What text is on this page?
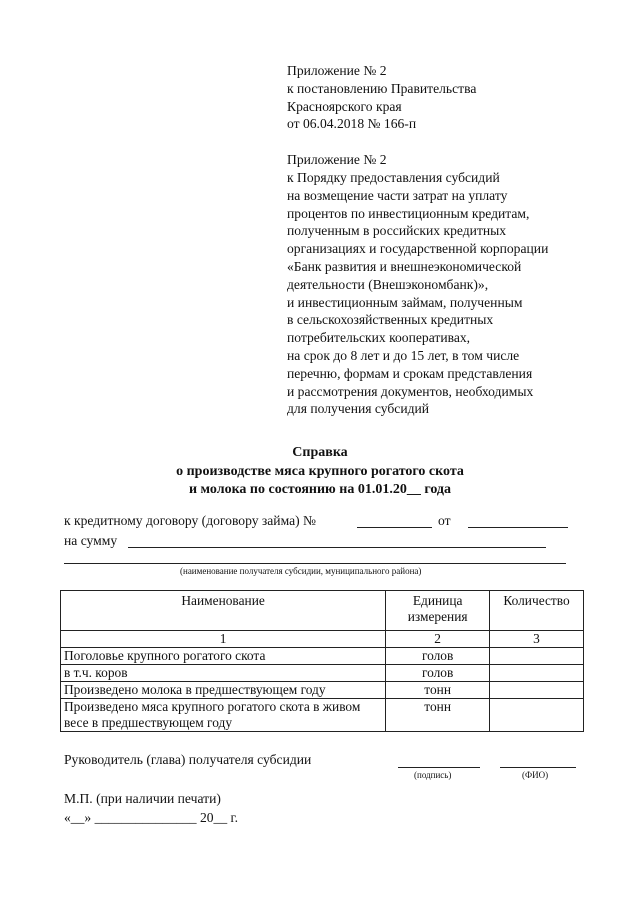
Приложение № 2
к постановлению Правительства
Красноярского края
от 06.04.2018 № 166-п
Приложение № 2
к Порядку предоставления субсидий
на возмещение части затрат на уплату
процентов по инвестиционным кредитам,
полученным в российских кредитных
организациях и государственной корпорации
«Банк развития и внешнеэкономической
деятельности (Внешэкономбанк)»,
и инвестиционным займам, полученным
в сельскохозяйственных кредитных
потребительских кооперативах,
на срок до 8 лет и до 15 лет, в том числе
перечню, формам и срокам представления
и рассмотрения документов, необходимых
для получения субсидий
Справка
о производстве мяса крупного рогатого скота
и молока по состоянию на 01.01.20__ года
к кредитному договору (договору займа) №	от
на сумму
(наименование получателя субсидии, муниципального района)
Наименование	Единица измерения	Количество
1	2	3
Поголовье крупного рогатого скота	голов	
в т.ч. коров	голов	
Произведено молока в предшествующем году	тонн	
Произведено мяса крупного рогатого скота в живом весе в предшествующем году	тонн	
Руководитель (глава) получателя субсидии
(подпись)	(ФИО)
М.П. (при наличии печати)
«__» _______________ 20__ г.
